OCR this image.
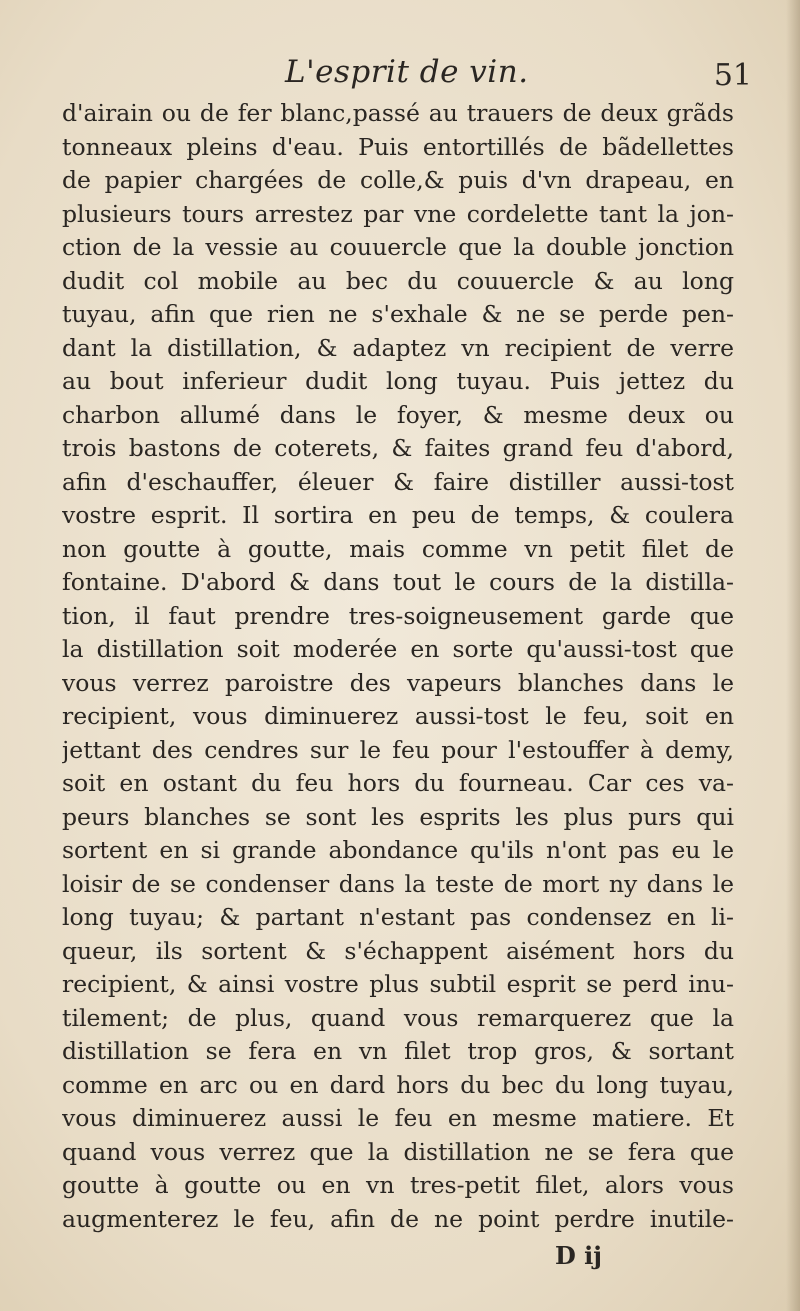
L'esprit de vin.	51
d'airain ou de fer blanc,passé au trauers de deux grãds
tonneaux pleins d'eau. Puis entortillés de bãdellettes
de papier chargées de colle,& puis d'vn drapeau, en
plusieurs tours arrestez par vne cordelette tant la jon-
ction de la vessie au couuercle que la double jonction
dudit col mobile au bec du couuercle & au long
tuyau, afin que rien ne s'exhale & ne se perde pen-
dant la distillation, & adaptez vn recipient de verre
au bout inferieur dudit long tuyau. Puis jettez du
charbon allumé dans le foyer, & mesme deux ou
trois bastons de coterets, & faites grand feu d'abord,
afin d'eschauffer, éleuer & faire distiller aussi-tost
vostre esprit. Il sortira en peu de temps, & coulera
non goutte à goutte, mais comme vn petit filet de
fontaine. D'abord & dans tout le cours de la distilla-
tion, il faut prendre tres-soigneusement garde que
la distillation soit moderée en sorte qu'aussi-tost que
vous verrez paroistre des vapeurs blanches dans le
recipient, vous diminuerez aussi-tost le feu, soit en
jettant des cendres sur le feu pour l'estouffer à demy,
soit en ostant du feu hors du fourneau. Car ces va-
peurs blanches se sont les esprits les plus purs qui
sortent en si grande abondance qu'ils n'ont pas eu le
loisir de se condenser dans la teste de mort ny dans le
long tuyau; & partant n'estant pas condensez en li-
queur, ils sortent & s'échappent aisément hors du
recipient, & ainsi vostre plus subtil esprit se perd inu-
tilement; de plus, quand vous remarquerez que la
distillation se fera en vn filet trop gros, & sortant
comme en arc ou en dard hors du bec du long tuyau,
vous diminuerez aussi le feu en mesme matiere. Et
quand vous verrez que la distillation ne se fera que
goutte à goutte ou en vn tres-petit filet, alors vous
augmenterez le feu, afin de ne point perdre inutile-
D ij
